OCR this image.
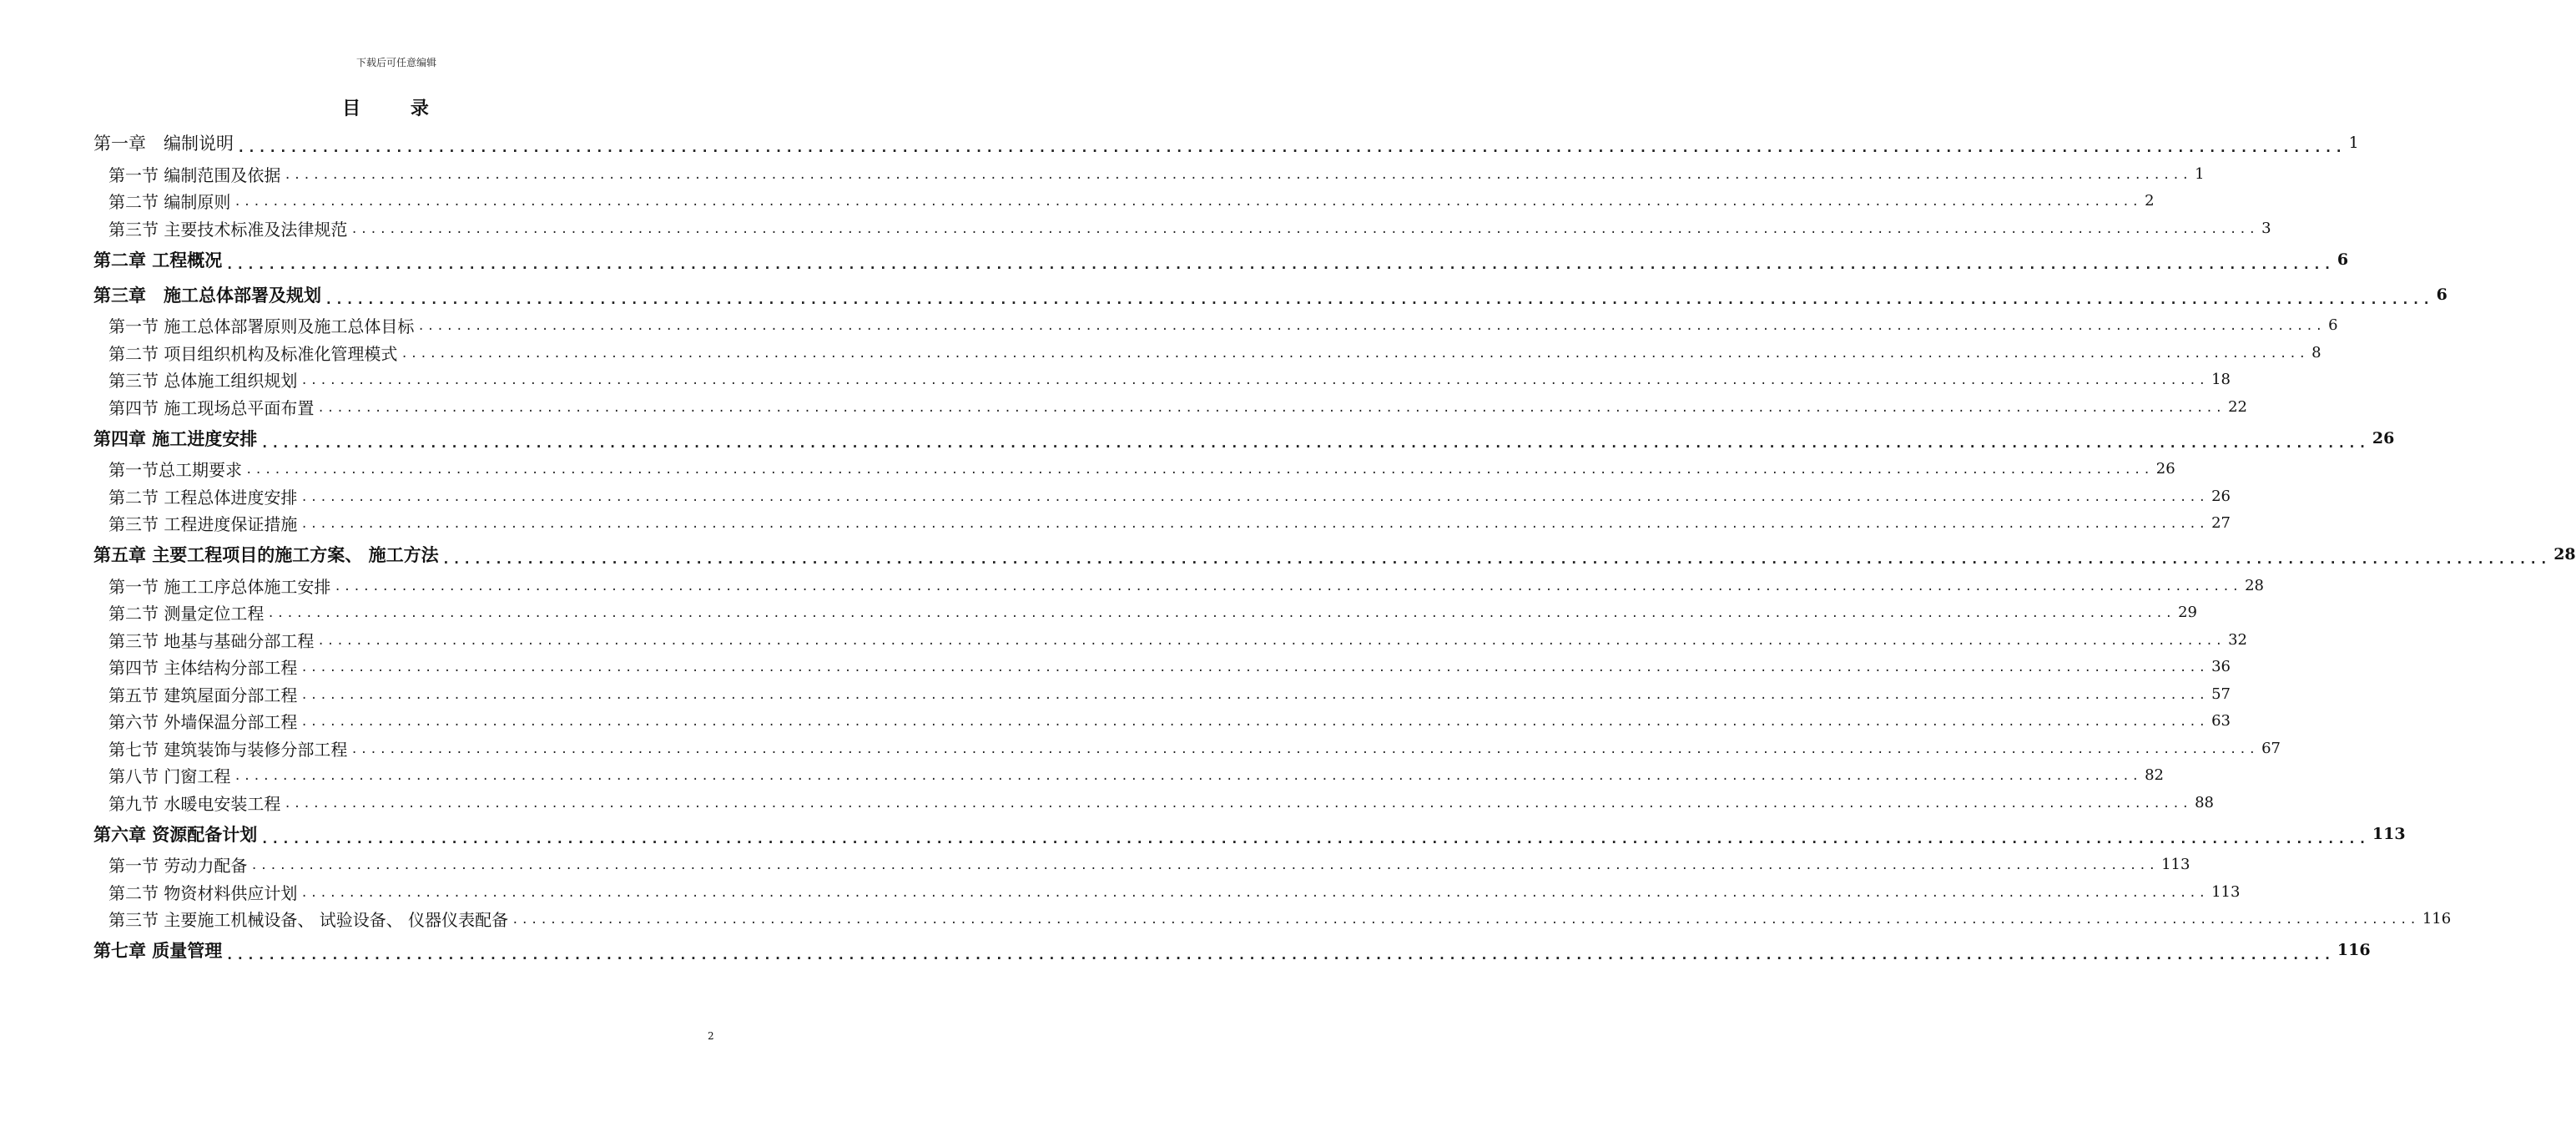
下载后可任意编辑
目 录
第一章　编制说明 ........................................................................................................................................................................................................ 1
第一节 编制范围及依据 ........................................................................................................................................................................................................ 1
第二节 编制原则 ........................................................................................................................................................................................................ 2
第三节 主要技术标准及法律规范 ........................................................................................................................................................................................................ 3
第二章 工程概况 ........................................................................................................................................................................................................ 6
第三章　施工总体部署及规划 ........................................................................................................................................................................................................ 6
第一节 施工总体部署原则及施工总体目标 ........................................................................................................................................................................................................ 6
第二节 项目组织机构及标准化管理模式 ........................................................................................................................................................................................................ 8
第三节 总体施工组织规划 ........................................................................................................................................................................................................ 18
第四节 施工现场总平面布置 ........................................................................................................................................................................................................ 22
第四章 施工进度安排 ........................................................................................................................................................................................................ 26
第一节总工期要求 ........................................................................................................................................................................................................ 26
第二节 工程总体进度安排 ........................................................................................................................................................................................................ 26
第三节 工程进度保证措施 ........................................................................................................................................................................................................ 27
第五章 主要工程项目的施工方案、 施工方法 ........................................................................................................................................................................................................ 28
第一节 施工工序总体施工安排 ........................................................................................................................................................................................................ 28
第二节 测量定位工程 ........................................................................................................................................................................................................ 29
第三节 地基与基础分部工程 ........................................................................................................................................................................................................ 32
第四节 主体结构分部工程 ........................................................................................................................................................................................................ 36
第五节 建筑屋面分部工程 ........................................................................................................................................................................................................ 57
第六节 外墙保温分部工程 ........................................................................................................................................................................................................ 63
第七节 建筑装饰与装修分部工程 ........................................................................................................................................................................................................ 67
第八节 门窗工程 ........................................................................................................................................................................................................ 82
第九节 水暖电安装工程 ........................................................................................................................................................................................................ 88
第六章 资源配备计划 ........................................................................................................................................................................................................ 113
第一节 劳动力配备 ........................................................................................................................................................................................................ 113
第二节 物资材料供应计划 ........................................................................................................................................................................................................ 113
第三节 主要施工机械设备、 试验设备、 仪器仪表配备 ........................................................................................................................................................................................................ 116
第七章 质量管理 ........................................................................................................................................................................................................ 116
2
